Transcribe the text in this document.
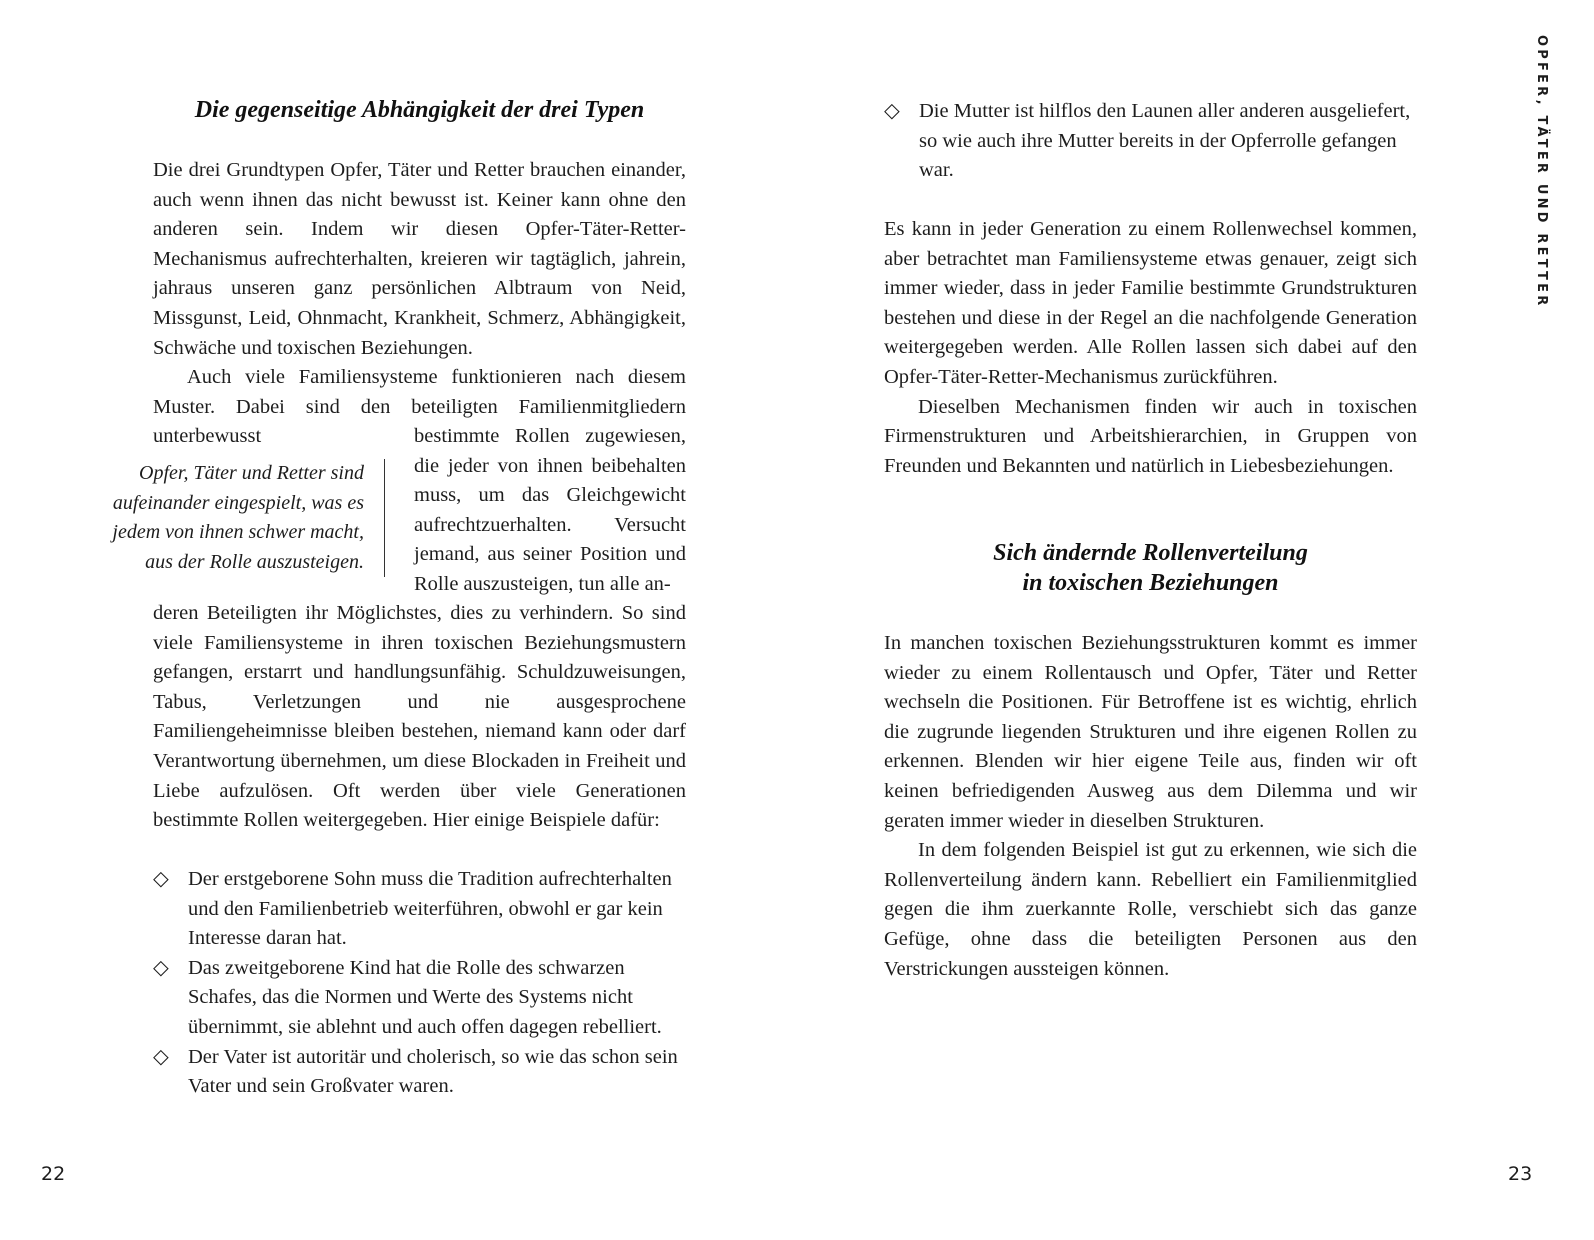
Die gegenseitige Abhängigkeit der drei Typen

Die drei Grundtypen Opfer, Täter und Retter brauchen einander, auch wenn ihnen das nicht bewusst ist. Keiner kann ohne den anderen sein. Indem wir diesen Opfer-Täter-Retter-Mechanismus aufrechterhalten, kreieren wir tagtäglich, jahrein, jahraus unseren ganz persönlichen Albtraum von Neid, Missgunst, Leid, Ohnmacht, Krankheit, Schmerz, Abhängigkeit, Schwäche und toxischen Beziehungen.

Auch viele Familiensysteme funktionieren nach diesem Muster. Dabei sind den beteiligten Familienmitgliedern unterbewusst	bestimmte Rollen zugewiesen, die jeder von ihnen beibehalten muss, um das Gleichgewicht aufrechtzuerhalten. Versucht jemand, aus seiner Position und Rolle auszusteigen, tun alle an-

Opfer, Täter und Retter sind aufeinander eingespielt, was es jedem von ihnen schwer macht, aus der Rolle auszusteigen.

deren Beteiligten ihr Möglichstes, dies zu verhindern. So sind viele Familiensysteme in ihren toxischen Beziehungsmustern gefangen, erstarrt und handlungsunfähig. Schuldzuweisungen, Tabus, Verletzungen und nie ausgesprochene Familiengeheimnisse bleiben bestehen, niemand kann oder darf Verantwortung übernehmen, um diese Blockaden in Freiheit und Liebe aufzulösen. Oft werden über viele Generationen bestimmte Rollen weitergegeben. Hier einige Beispiele dafür:

◇ Der erstgeborene Sohn muss die Tradition aufrechterhalten und den Familienbetrieb weiterführen, obwohl er gar kein Interesse daran hat.
◇ Das zweitgeborene Kind hat die Rolle des schwarzen Schafes, das die Normen und Werte des Systems nicht übernimmt, sie ablehnt und auch offen dagegen rebelliert.
◇ Der Vater ist autoritär und cholerisch, so wie das schon sein Vater und sein Großvater waren.
22
OPFER, TÄTER UND RETTER
◇ Die Mutter ist hilflos den Launen aller anderen ausgeliefert, so wie auch ihre Mutter bereits in der Opferrolle gefangen war.

Es kann in jeder Generation zu einem Rollenwechsel kommen, aber betrachtet man Familiensysteme etwas genauer, zeigt sich immer wieder, dass in jeder Familie bestimmte Grundstrukturen bestehen und diese in der Regel an die nachfolgende Generation weitergegeben werden. Alle Rollen lassen sich dabei auf den Opfer-Täter-Retter-Mechanismus zurückführen.

Dieselben Mechanismen finden wir auch in toxischen Firmenstrukturen und Arbeitshierarchien, in Gruppen von Freunden und Bekannten und natürlich in Liebesbeziehungen.

Sich ändernde Rollenverteilung
in toxischen Beziehungen

In manchen toxischen Beziehungsstrukturen kommt es immer wieder zu einem Rollentausch und Opfer, Täter und Retter wechseln die Positionen. Für Betroffene ist es wichtig, ehrlich die zugrunde liegenden Strukturen und ihre eigenen Rollen zu erkennen. Blenden wir hier eigene Teile aus, finden wir oft keinen befriedigenden Ausweg aus dem Dilemma und wir geraten immer wieder in dieselben Strukturen.

In dem folgenden Beispiel ist gut zu erkennen, wie sich die Rollenverteilung ändern kann. Rebelliert ein Familienmitglied gegen die ihm zuerkannte Rolle, verschiebt sich das ganze Gefüge, ohne dass die beteiligten Personen aus den Verstrickungen aussteigen können.

23
